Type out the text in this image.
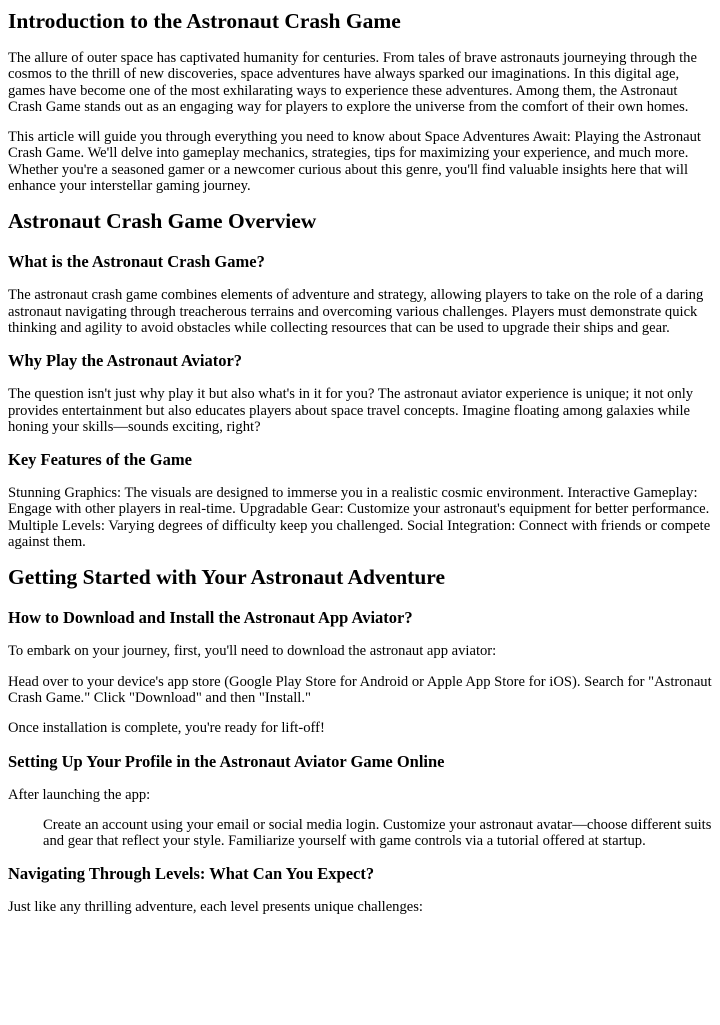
Introduction to the Astronaut Crash Game

The allure of outer space has captivated humanity for centuries. From tales of brave astronauts journeying through the cosmos to the thrill of new discoveries, space adventures have always sparked our imaginations. In this digital age, games have become one of the most exhilarating ways to experience these adventures. Among them, the Astronaut Crash Game stands out as an engaging way for players to explore the universe from the comfort of their own homes.

This article will guide you through everything you need to know about Space Adventures Await: Playing the Astronaut Crash Game. We'll delve into gameplay mechanics, strategies, tips for maximizing your experience, and much more. Whether you're a seasoned gamer or a newcomer curious about this genre, you'll find valuable insights here that will enhance your interstellar gaming journey.

Astronaut Crash Game Overview
What is the Astronaut Crash Game?

The astronaut crash game combines elements of adventure and strategy, allowing players to take on the role of a daring astronaut navigating through treacherous terrains and overcoming various challenges. Players must demonstrate quick thinking and agility to avoid obstacles while collecting resources that can be used to upgrade their ships and gear.

Why Play the Astronaut Aviator?

The question isn't just why play it but also what's in it for you? The astronaut aviator experience is unique; it not only provides entertainment but also educates players about space travel concepts. Imagine floating among galaxies while honing your skills—sounds exciting, right?

Key Features of the Game

Stunning Graphics: The visuals are designed to immerse you in a realistic cosmic environment. Interactive Gameplay: Engage with other players in real-time. Upgradable Gear: Customize your astronaut's equipment for better performance. Multiple Levels: Varying degrees of difficulty keep you challenged. Social Integration: Connect with friends or compete against them.

Getting Started with Your Astronaut Adventure
How to Download and Install the Astronaut App Aviator?

To embark on your journey, first, you'll need to download the astronaut app aviator:

Head over to your device's app store (Google Play Store for Android or Apple App Store for iOS). Search for "Astronaut Crash Game." Click "Download" and then "Install."

Once installation is complete, you're ready for lift-off!

Setting Up Your Profile in the Astronaut Aviator Game Online

After launching the app:

Create an account using your email or social media login. Customize your astronaut avatar—choose different suits and gear that reflect your style. Familiarize yourself with game controls via a tutorial offered at startup.
Navigating Through Levels: What Can You Expect?

Just like any thrilling adventure, each level presents unique challenges:
